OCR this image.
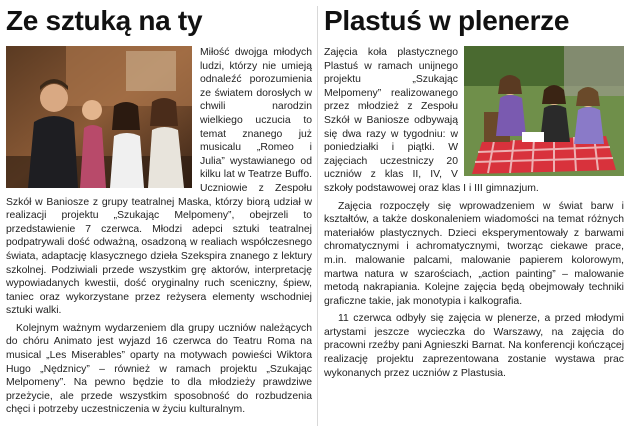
Ze sztuką na ty

Miłość dwojga młodych ludzi, którzy nie umieją odnaleźć porozumienia ze światem dorosłych w chwili narodzin wielkiego uczucia to temat znanego już musicalu „Romeo i Julia” wystawianego od kilku lat w Teatrze Buffo. Uczniowie z Zespołu Szkół w Baniosze z grupy teatralnej Maska, którzy biorą udział w realizacji projektu „Szukając Melpomeny”, obejrzeli to przedstawienie 7 czerwca. Młodzi adepci sztuki teatralnej podpatrywali dość odważną, osadzoną w realiach współczesnego świata, adaptację klasycznego dzieła Szekspira znanego z lektury szkolnej. Podziwiali przede wszystkim grę aktorów, interpretację wypowiadanych kwestii, dość oryginalny ruch sceniczny, śpiew, taniec oraz wykorzystane przez reżysera elementy wschodniej sztuki walki.

Kolejnym ważnym wydarzeniem dla grupy uczniów należących do chóru Animato jest wyjazd 16 czerwca do Teatru Roma na musical „Les Miserables” oparty na motywach powieści Wiktora Hugo „Nędznicy” – również w ramach projektu „Szukając Melpomeny”. Na pewno będzie to dla młodzieży prawdziwe przeżycie, ale przede wszystkim sposobność do rozbudzenia chęci i potrzeby uczestniczenia w życiu kulturalnym.

Plastuś w plenerze

Zajęcia koła plastycznego Plastuś w ramach unijnego projektu „Szukając Melpomeny” realizowanego przez młodzież z Zespołu Szkół w Baniosze odbywają się dwa razy w tygodniu: w poniedziałki i piątki. W zajęciach uczestniczy 20 uczniów z klas II, IV, V szkoły podstawowej oraz klas I i III gimnazjum.

Zajęcia rozpoczęły się wprowadzeniem w świat barw i kształtów, a także doskonaleniem wiadomości na temat różnych materiałów plastycznych. Dzieci eksperymentowały z barwami chromatycznymi i achromatycznymi, tworząc ciekawe prace, m.in. malowanie palcami, malowanie papierem kolorowym, martwa natura w szarościach, „action painting” – malowanie metodą nakrapiania. Kolejne zajęcia będą obejmowały techniki graficzne takie, jak monotypia i kalkografia.

11 czerwca odbyły się zajęcia w plenerze, a przed młodymi artystami jeszcze wycieczka do Warszawy, na zajęcia do pracowni rzeźby pani Agnieszki Barnat. Na konferencji kończącej realizację projektu zaprezentowana zostanie wystawa prac wykonanych przez uczniów z Plastusia.
